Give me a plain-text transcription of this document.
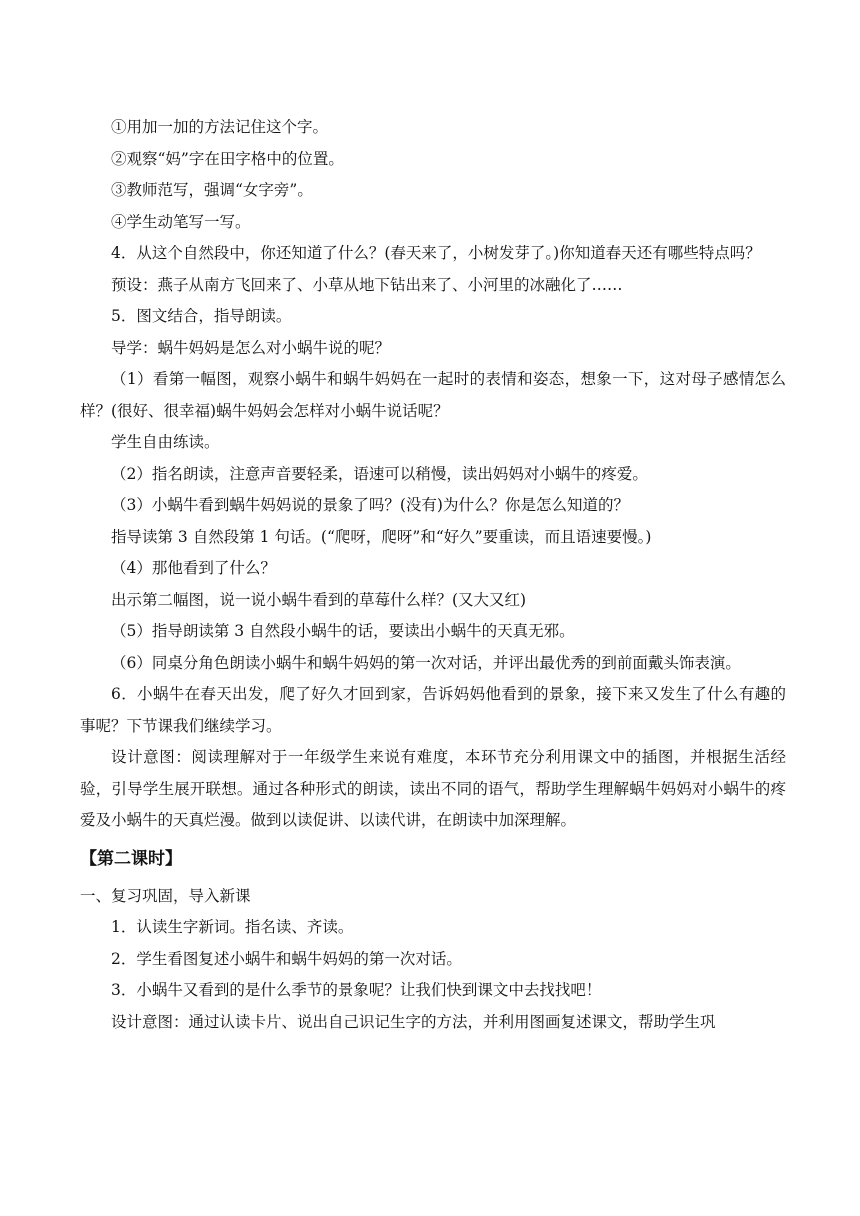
①用加一加的方法记住这个字。

②观察“妈”字在田字格中的位置。

③教师范写，强调“女字旁”。

④学生动笔写一写。

4．从这个自然段中，你还知道了什么？(春天来了，小树发芽了。)你知道春天还有哪些特点吗？

预设：燕子从南方飞回来了、小草从地下钻出来了、小河里的冰融化了……

5．图文结合，指导朗读。

导学：蜗牛妈妈是怎么对小蜗牛说的呢？

（1）看第一幅图，观察小蜗牛和蜗牛妈妈在一起时的表情和姿态，想象一下，这对母子感情怎么样？(很好、很幸福)蜗牛妈妈会怎样对小蜗牛说话呢？

学生自由练读。

（2）指名朗读，注意声音要轻柔，语速可以稍慢，读出妈妈对小蜗牛的疼爱。

（3）小蜗牛看到蜗牛妈妈说的景象了吗？(没有)为什么？你是怎么知道的？

指导读第 3 自然段第 1 句话。(“爬呀，爬呀”和“好久”要重读，而且语速要慢。)

（4）那他看到了什么？

出示第二幅图，说一说小蜗牛看到的草莓什么样？(又大又红)

（5）指导朗读第 3 自然段小蜗牛的话，要读出小蜗牛的天真无邪。

（6）同桌分角色朗读小蜗牛和蜗牛妈妈的第一次对话，并评出最优秀的到前面戴头饰表演。

6．小蜗牛在春天出发，爬了好久才回到家，告诉妈妈他看到的景象，接下来又发生了什么有趣的事呢？下节课我们继续学习。

设计意图：阅读理解对于一年级学生来说有难度，本环节充分利用课文中的插图，并根据生活经验，引导学生展开联想。通过各种形式的朗读，读出不同的语气，帮助学生理解蜗牛妈妈对小蜗牛的疼爱及小蜗牛的天真烂漫。做到以读促讲、以读代讲，在朗读中加深理解。

【第二课时】

一、复习巩固，导入新课

1．认读生字新词。指名读、齐读。

2．学生看图复述小蜗牛和蜗牛妈妈的第一次对话。

3．小蜗牛又看到的是什么季节的景象呢？让我们快到课文中去找找吧！

设计意图：通过认读卡片、说出自己识记生字的方法，并利用图画复述课文，帮助学生巩
